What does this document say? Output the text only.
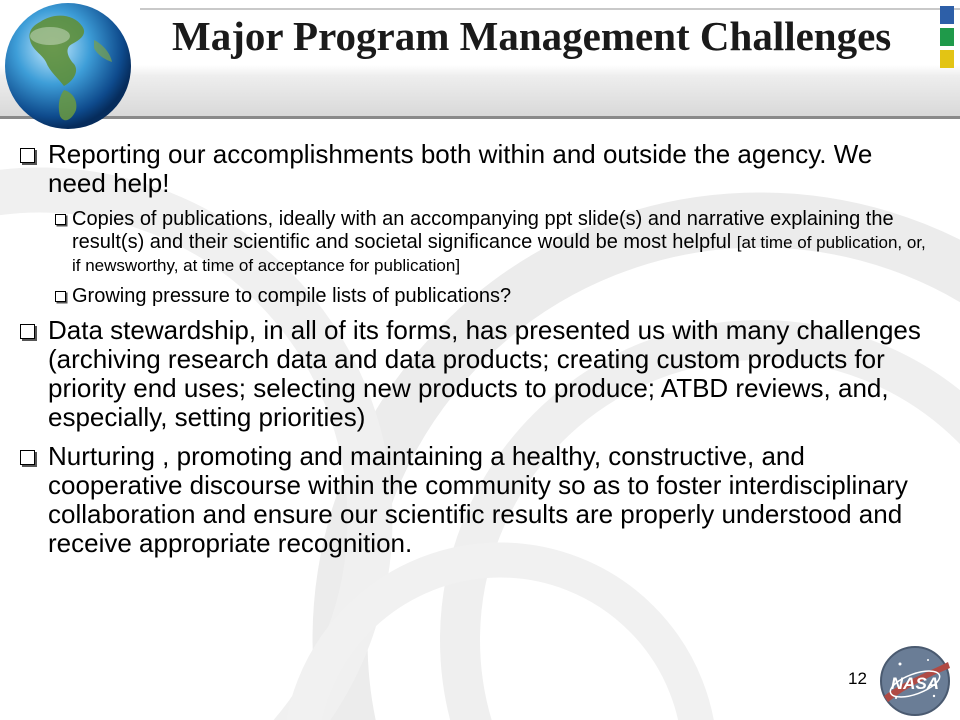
Major Program Management Challenges
Reporting our accomplishments both within and outside the agency. We need help!
Copies of publications, ideally with an accompanying ppt slide(s) and narrative explaining the result(s) and their scientific and societal significance would be most helpful [at time of publication, or, if newsworthy, at time of acceptance for publication]
Growing pressure to compile lists of publications?
Data stewardship, in all of its forms, has presented us with many challenges (archiving research data and data products; creating custom products for priority end uses; selecting new products to produce; ATBD reviews, and, especially, setting priorities)
Nurturing , promoting and maintaining a healthy, constructive, and cooperative discourse within the community so as to foster interdisciplinary collaboration and ensure our scientific results are properly understood and receive appropriate recognition.
12 NASA
